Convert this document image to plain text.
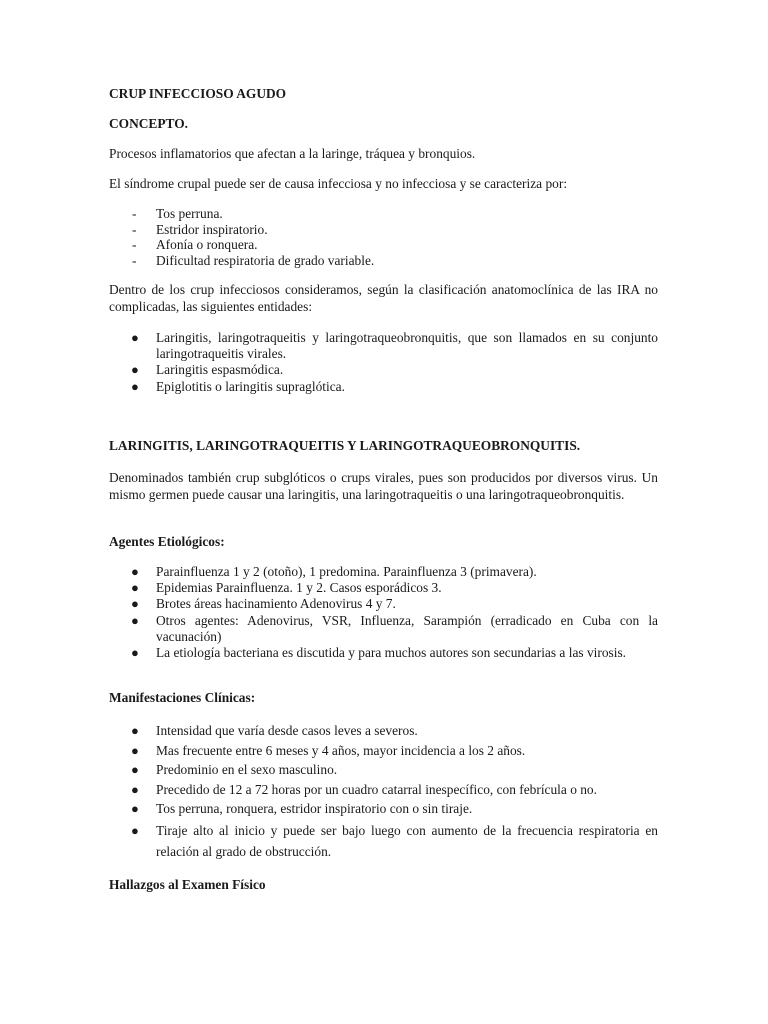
CRUP INFECCIOSO AGUDO

CONCEPTO.

Procesos inflamatorios que afectan a la laringe, tráquea y bronquios.

El síndrome crupal puede ser de causa infecciosa y no infecciosa y se caracteriza por:

- Tos perruna.
- Estridor inspiratorio.
- Afonía o ronquera.
- Dificultad respiratoria de grado variable.

Dentro de los crup infecciosos consideramos, según la clasificación anatomoclínica de las IRA no complicadas, las siguientes entidades:

● Laringitis, laringotraqueitis y laringotraqueobronquitis, que son llamados en su conjunto laringotraqueitis virales.
● Laringitis espasmódica.
● Epiglotitis o laringitis supraglótica.

LARINGITIS, LARINGOTRAQUEITIS Y LARINGOTRAQUEOBRONQUITIS.

Denominados también crup subglóticos o crups virales, pues son producidos por diversos virus. Un mismo germen puede causar una laringitis, una laringotraqueitis o una laringotraqueobronquitis.

Agentes Etiológicos:

● Parainfluenza 1 y 2 (otoño), 1 predomina. Parainfluenza 3 (primavera).
● Epidemias Parainfluenza. 1 y 2. Casos esporádicos 3.
● Brotes áreas hacinamiento Adenovirus 4 y 7.
● Otros agentes: Adenovirus, VSR, Influenza, Sarampión (erradicado en Cuba con la vacunación)
● La etiología bacteriana es discutida y para muchos autores son secundarias a las virosis.

Manifestaciones Clínicas:

● Intensidad que varía desde casos leves a severos.
● Mas frecuente entre 6 meses y 4 años, mayor incidencia a los 2 años.
● Predominio en el sexo masculino.
● Precedido de 12 a 72 horas por un cuadro catarral inespecífico, con febrícula o no.
● Tos perruna, ronquera, estridor inspiratorio con o sin tiraje.
● Tiraje alto al inicio y puede ser bajo luego con aumento de la frecuencia respiratoria en relación al grado de obstrucción.

Hallazgos al Examen Físico
